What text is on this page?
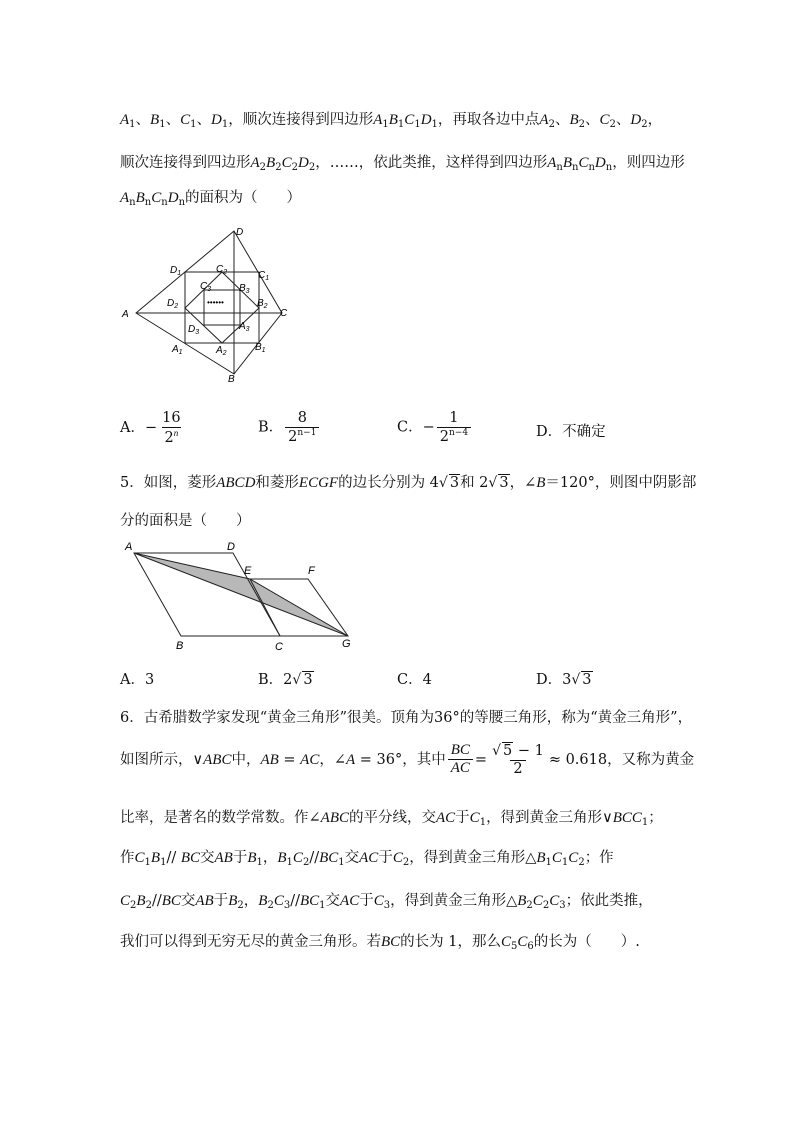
$A_1$、$B_1$、$C_1$、$D_1$，顺次连接得到四边形$A_1B_1C_1D_1$，再取各边中点$A_2$、$B_2$、$C_2$、$D_2$，
顺次连接得到四边形$A_2B_2C_2D_2$，……，依此类推，这样得到四边形$A_nB_nC_nD_n$，则四边形
$A_nB_nC_nD_n$的面积为（　　）
D
$D_1$	$C_2$	$C_1$
$C_3$	$B_3$
$D_2$	$B_2$
C
A
••••••
$D_3$
$A_3$
$A_1$	$A_2$
$B_1$
B
A．− $\frac{16}{2^n}$	B． $\frac{8}{2^{n-1}}$	C．− $\frac{1}{2^{n-4}}$	D．不确定
5．如图，菱形ABCD和菱形ECGF的边长分别为 4√ 3和 2√ 3，∠B＝120°，则图中阴影部
分的面积是（　　）
A	D
E	F
B	C	G
A．3	B．2√ 3	C．4	D．3√ 3
6．古希腊数学家发现“黄金三角形”很美。顶角为36°的等腰三角形，称为“黄金三角形”，
如图所示，∨ABC中，AB = AC，∠A = 36°，其中 $\frac{BC}{AC} = \frac{√ 5 - 1}{2} \approx 0.618$，又称为黄金
比率，是著名的数学常数。作∠ABC的平分线，交AC于$C_1$，得到黄金三角形$\vee BCC_1$；
作$C_1B_1//$ BC交AB于$B_1$，$B_1C_2//BC_1$交AC于$C_2$，得到黄金三角形$\triangle B_1C_1C_2$；作
$C_2B_2//BC$交AB于$B_2$，$B_2C_3//BC_1$交AC于$C_3$，得到黄金三角形$\triangle B_2C_2C_3$；依此类推，
我们可以得到无穷无尽的黄金三角形。若BC的长为 1，那么$C_5C_6$的长为（　　）.
